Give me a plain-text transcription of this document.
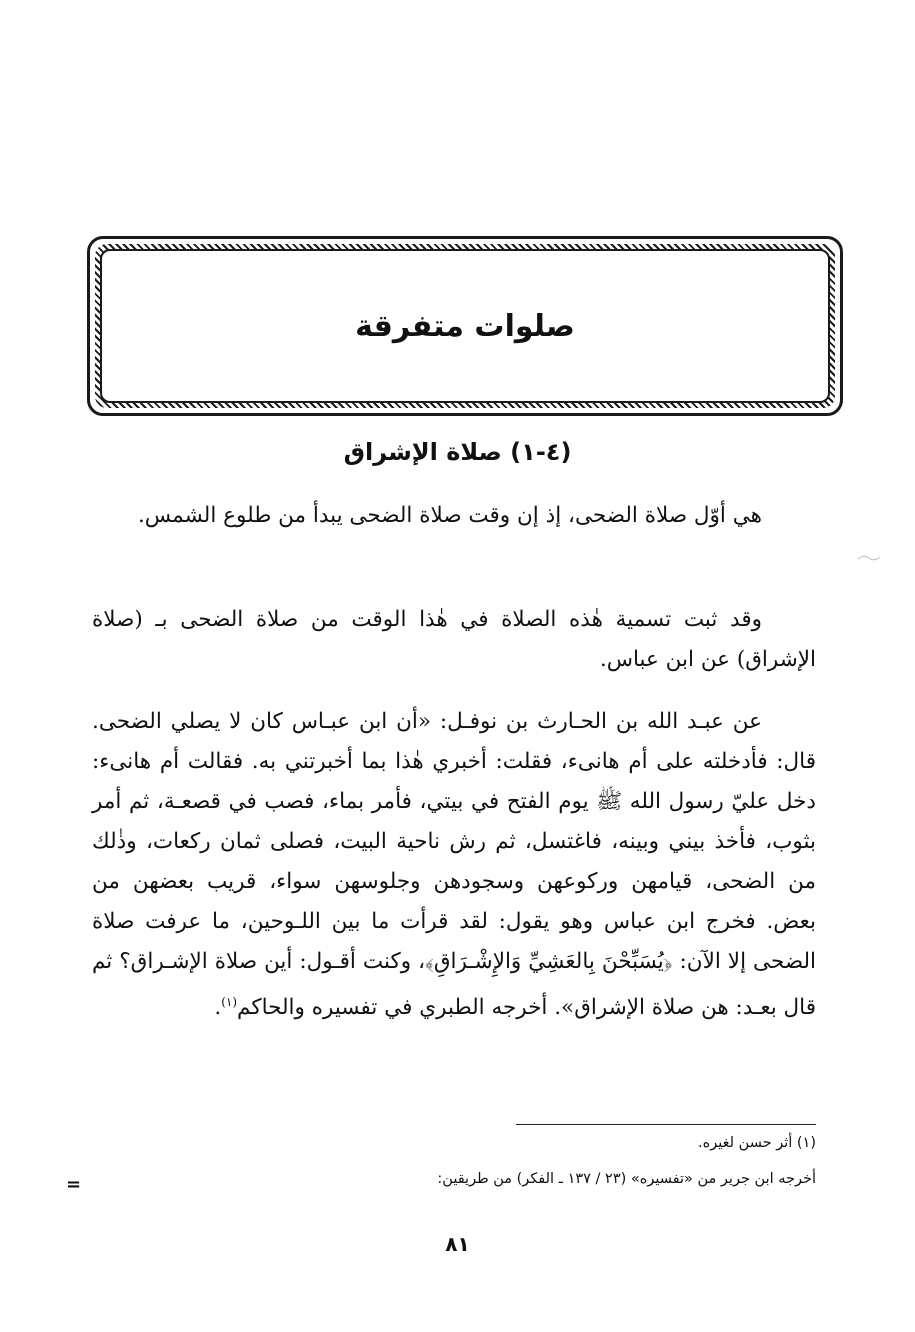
صلوات متفرقة
(٤-١) صلاة الإشراق
هي أوّل صلاة الضحى، إذ إن وقت صلاة الضحى يبدأ من طلوع الشمس.
وقد ثبت تسمية هٰذه الصلاة في هٰذا الوقت من صلاة الضحى بـ (صلاة الإشراق) عن ابن عباس.
عن عبـد الله بن الحـارث بن نوفـل: «أن ابن عبـاس كان لا يصلي الضحى. قال: فأدخلته على أم هانىء، فقلت: أخبري هٰذا بما أخبرتني به. فقالت أم هانىء: دخل عليّ رسول الله ﷺ يوم الفتح في بيتي، فأمر بماء، فصب في قصعـة، ثم أمر بثوب، فأخذ بيني وبينه، فاغتسل، ثم رش ناحية البيت، فصلى ثمان ركعات، وذٰلك من الضحى، قيامهن وركوعهن وسجودهن وجلوسهن سواء، قريب بعضهن من بعض. فخرج ابن عباس وهو يقول: لقد قرأت ما بين اللـوحين، ما عرفت صلاة الضحى إلا الآن: ﴿يُسَبِّحْنَ بِالعَشِيِّ وَالإِشْـرَاقِ﴾، وكنت أقـول: أين صلاة الإشـراق؟ ثم قال بعـد: هن صلاة الإشراق». أخرجه الطبري في تفسيره والحاكم$^{(١)}$.
(١) أثر حسن لغيره.
أخرجه ابن جرير من «تفسيره» (٢٣ / ١٣٧ ـ الفكر) من طريقين:
=
٨١
